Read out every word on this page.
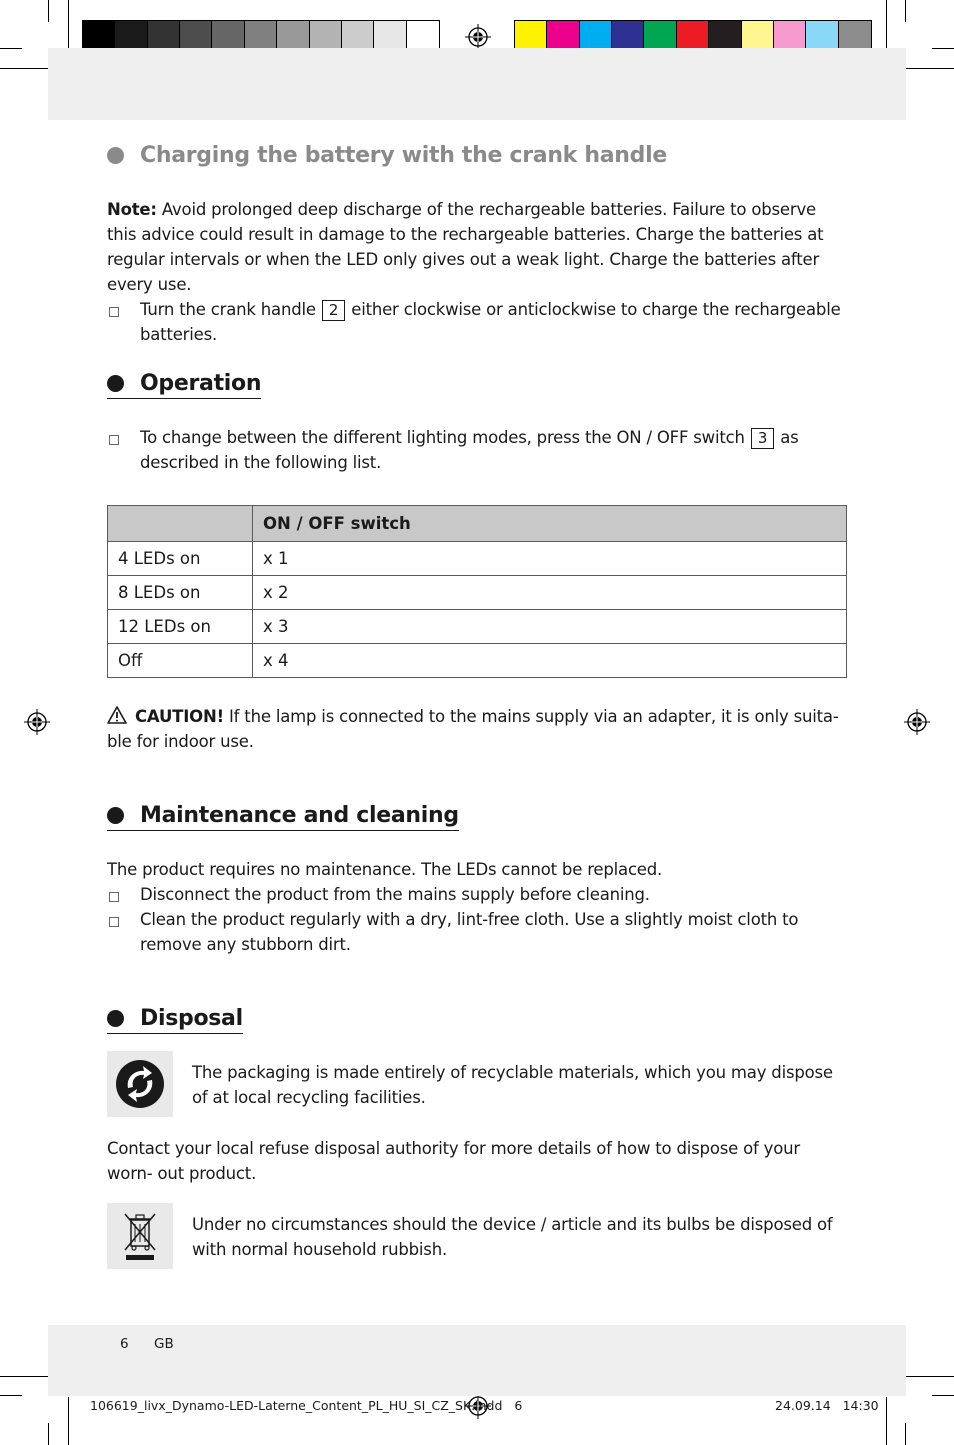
Charging the battery with the crank handle

Note: Avoid prolonged deep discharge of the rechargeable batteries. Failure to observe this advice could result in damage to the rechargeable batteries. Charge the batteries at regular intervals or when the LED only gives out a weak light. Charge the batteries after every use.

Turn the crank handle 2 either clockwise or anticlockwise to charge the rechargeable batteries.

Operation

To change between the different lighting modes, press the ON / OFF switch 3 as described in the following list.

	ON / OFF switch
4 LEDs on	x 1
8 LEDs on	x 2
12 LEDs on	x 3
Off	x 4

CAUTION! If the lamp is connected to the mains supply via an adapter, it is only suita- ble for indoor use.

Maintenance and cleaning

The product requires no maintenance. The LEDs cannot be replaced.

Disconnect the product from the mains supply before cleaning.

Clean the product regularly with a dry, lint-free cloth. Use a slightly moist cloth to remove any stubborn dirt.

Disposal

The packaging is made entirely of recyclable materials, which you may dispose of at local recycling facilities.

Contact your local refuse disposal authority for more details of how to dispose of your worn- out product.

Under no circumstances should the device / article and its bulbs be disposed of with normal household rubbish.

6 GB
106619_livx_Dynamo-LED-Laterne_Content_PL_HU_SI_CZ_SK.indd   6	24.09.14   14:30
